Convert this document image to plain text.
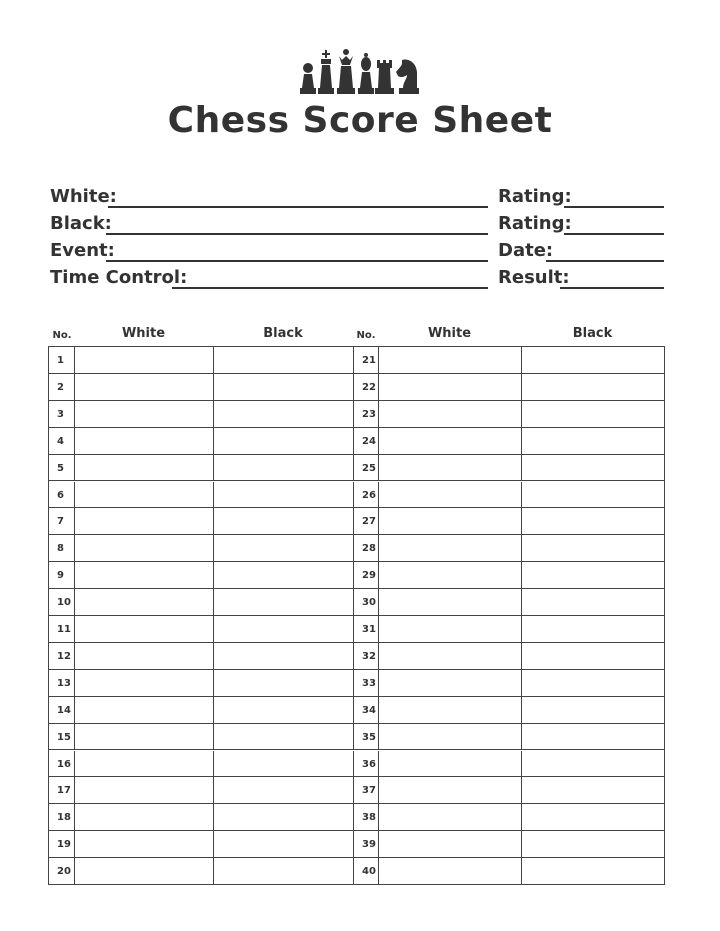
Chess Score Sheet
White:
Black:
Event:
Time Control:
Rating:
Rating:
Date:
Result:
No.	White	Black	No.	White	Black
1	21
2	22
3	23
4	24
5	25
6	26
7	27
8	28
9	29
10	30
11	31
12	32
13	33
14	34
15	35
16	36
17	37
18	38
19	39
20	40
